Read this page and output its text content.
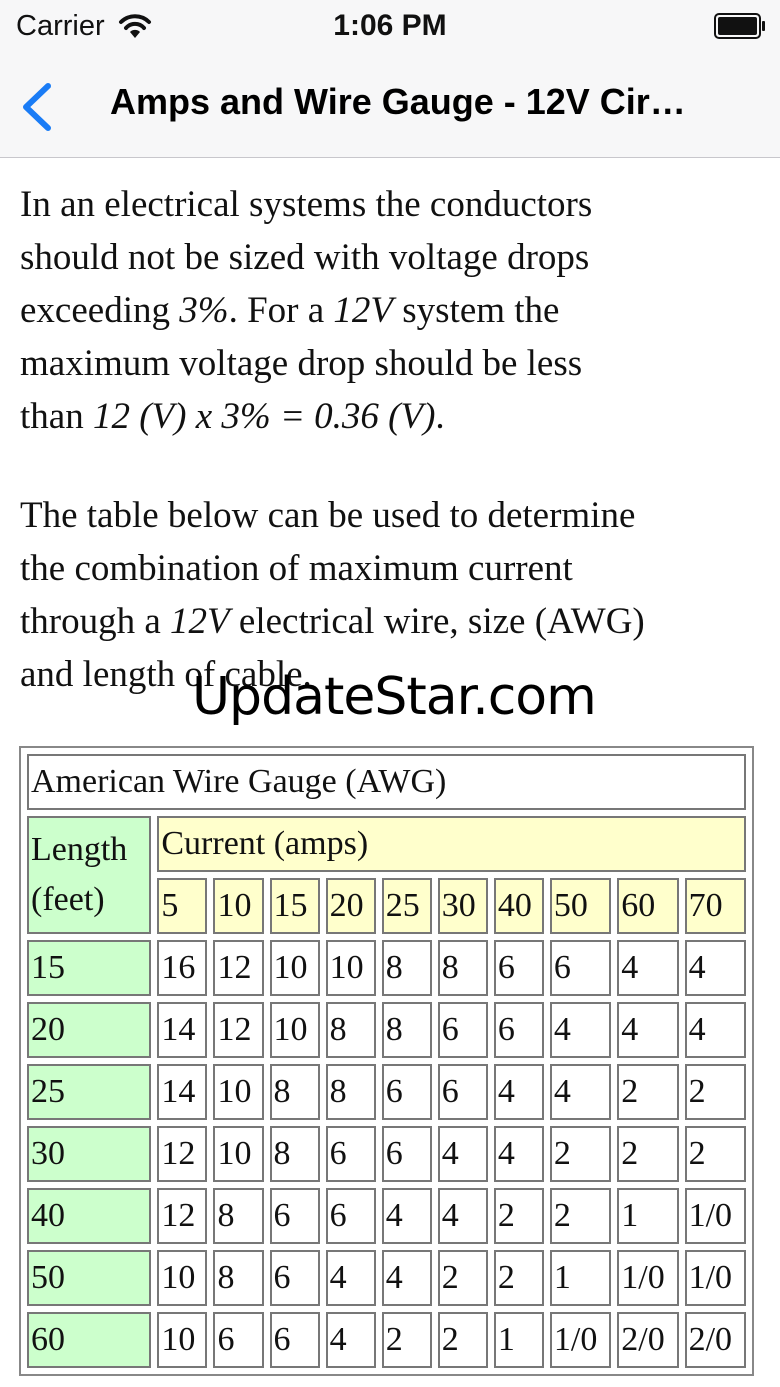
Carrier	1:06 PM
Amps and Wire Gauge - 12V Cir…

In an electrical systems the conductors
should not be sized with voltage drops
exceeding 3%. For a 12V system the
maximum voltage drop should be less
than 12 (V) x 3% = 0.36 (V).

The table below can be used to determine
the combination of maximum current
through a 12V electrical wire, size (AWG)
and length of cable.

UpdateStar.com
American Wire Gauge (AWG)										
Length
(feet)	Current (amps)									
	5	10	15	20	25	30	40	50	60	70
15	16	12	10	10	8	8	6	6	4	4
20	14	12	10	8	8	6	6	4	4	4
25	14	10	8	8	6	6	4	4	2	2
30	12	10	8	6	6	4	4	2	2	2
40	12	8	6	6	4	4	2	2	1	1/0
50	10	8	6	4	4	2	2	1	1/0	1/0
60	10	6	6	4	2	2	1	1/0	2/0	2/0
